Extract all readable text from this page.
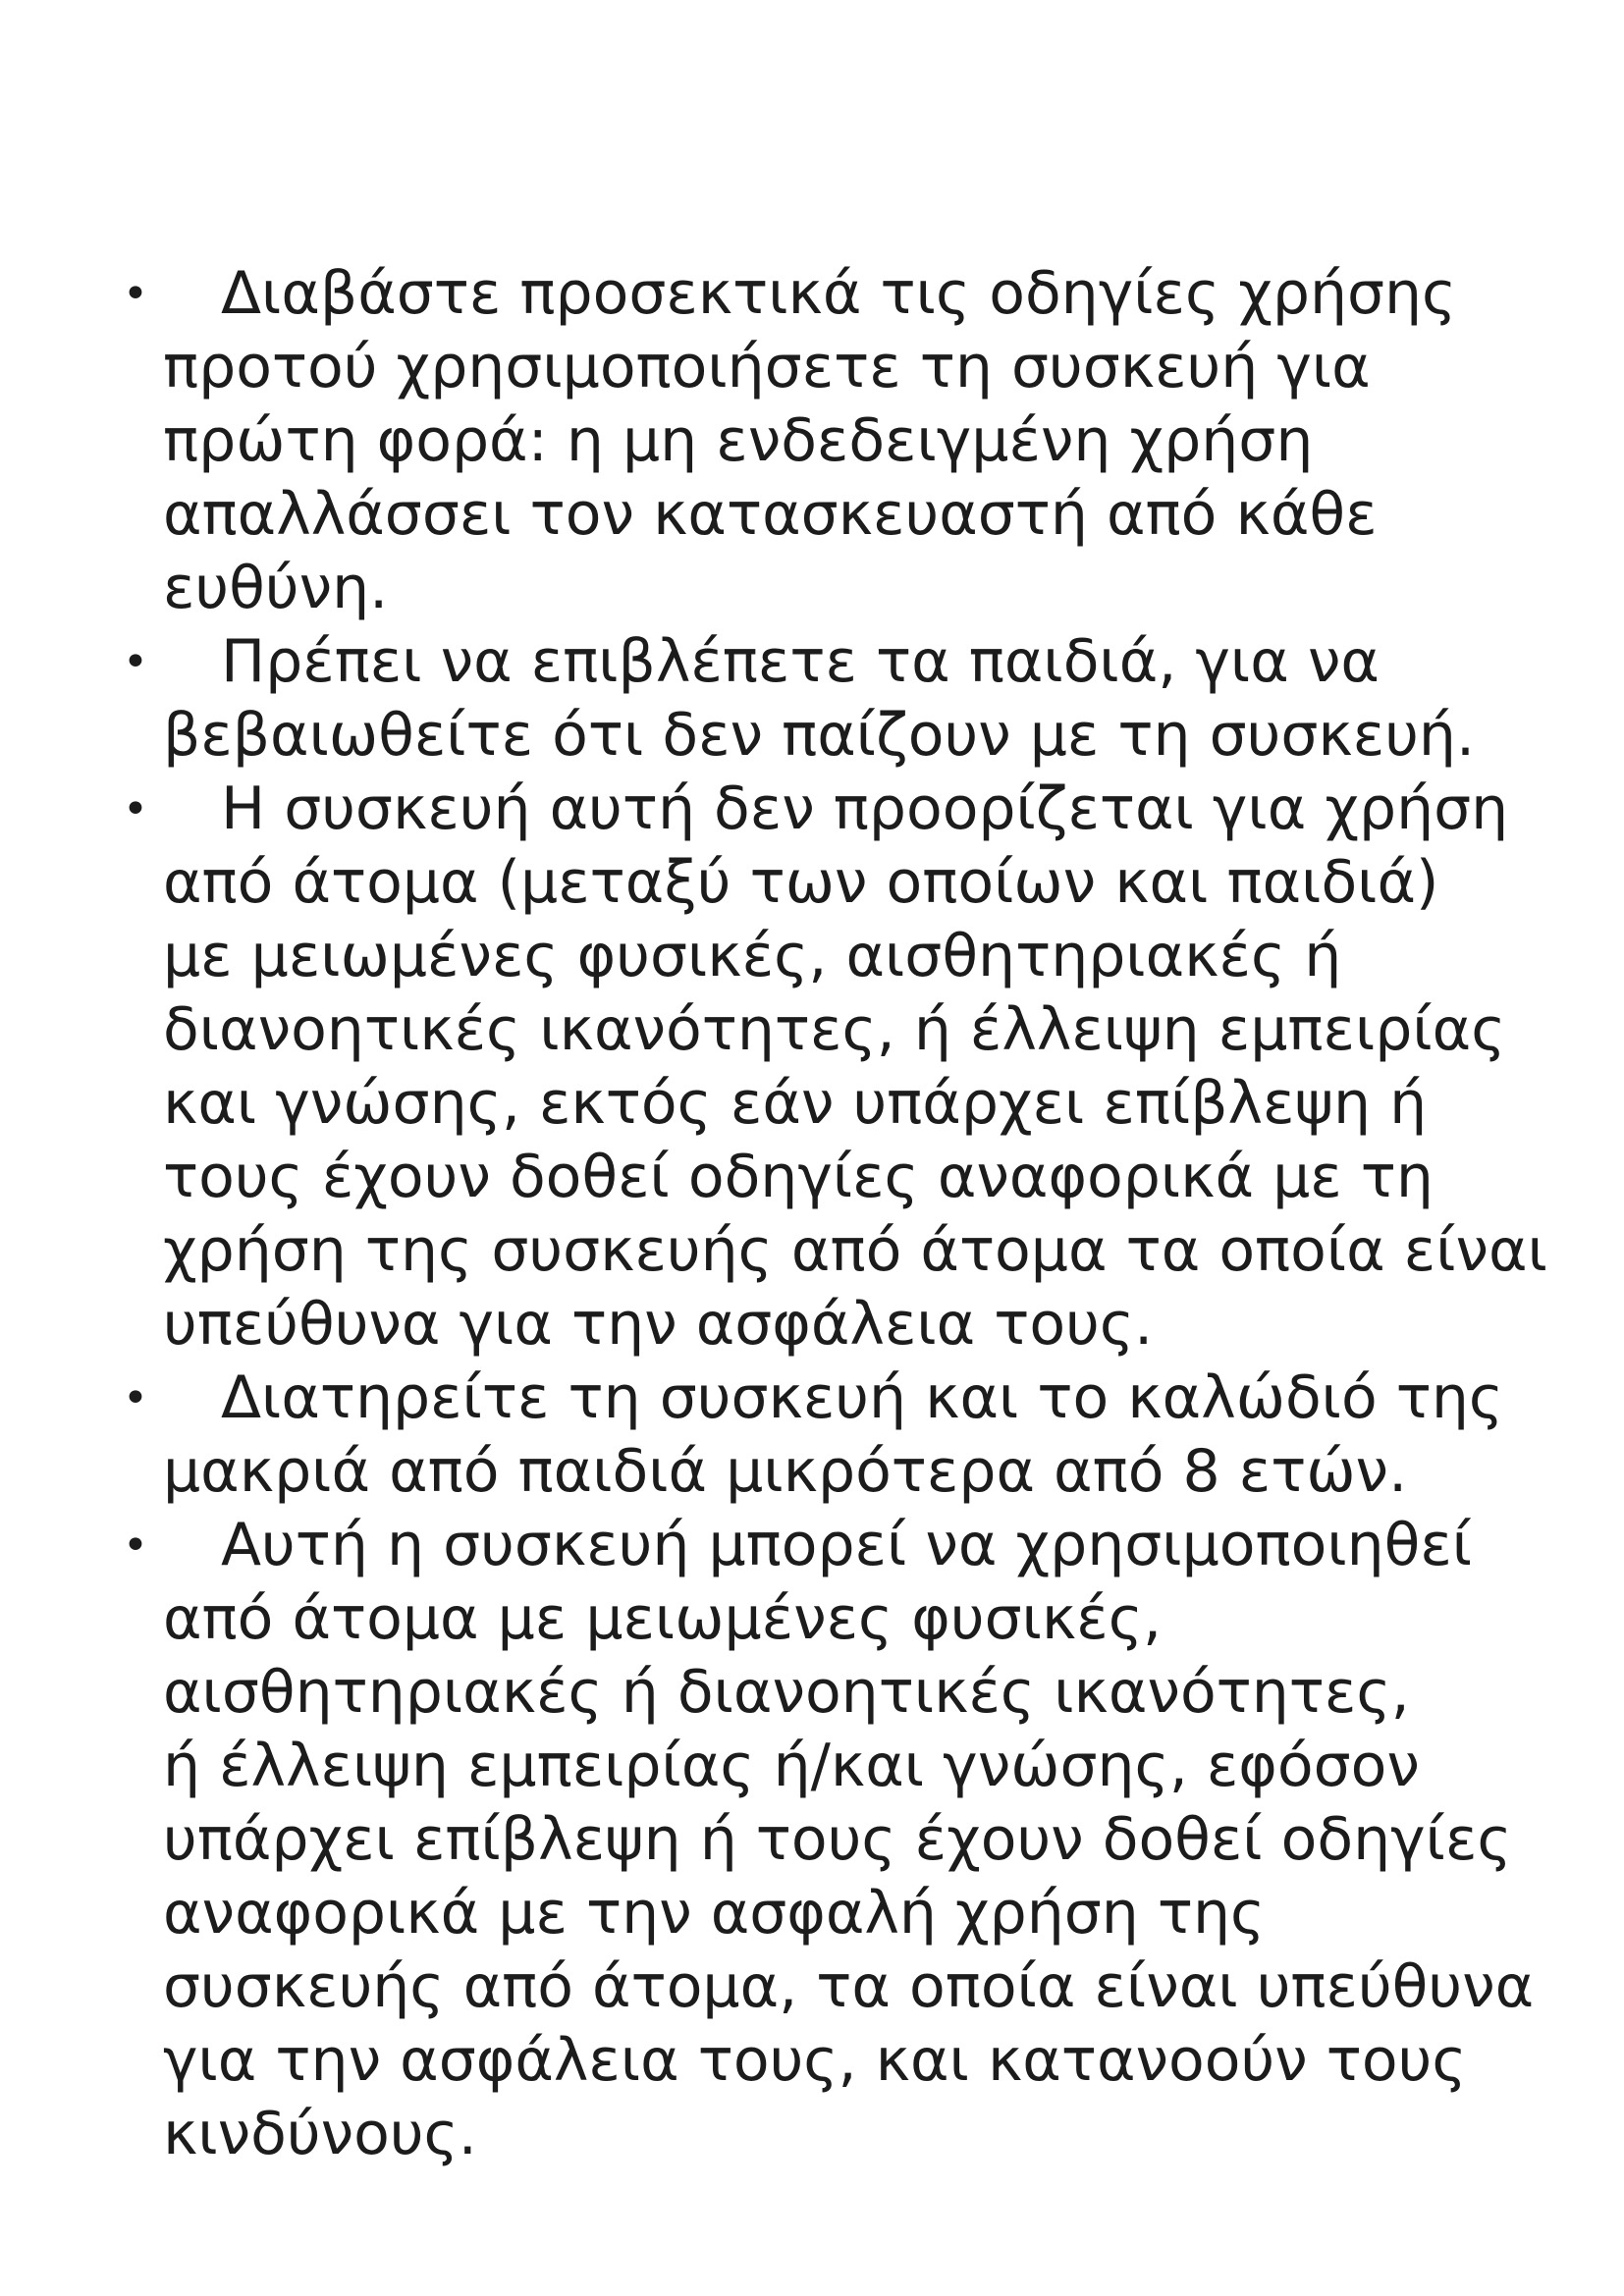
• Διαβάστε προσεκτικά τις οδηγίες χρήσης
προτού χρησιμοποιήσετε τη συσκευή για
πρώτη φορά: η μη ενδεδειγμένη χρήση
απαλλάσσει τον κατασκευαστή από κάθε
ευθύνη.
• Πρέπει να επιβλέπετε τα παιδιά, για να
βεβαιωθείτε ότι δεν παίζουν με τη συσκευή.
• Η συσκευή αυτή δεν προορίζεται για χρήση
από άτομα (μεταξύ των οποίων και παιδιά)
με μειωμένες φυσικές, αισθητηριακές ή
διανοητικές ικανότητες, ή έλλειψη εμπειρίας
και γνώσης, εκτός εάν υπάρχει επίβλεψη ή
τους έχουν δοθεί οδηγίες αναφορικά με τη
χρήση της συσκευής από άτομα τα οποία είναι
υπεύθυνα για την ασφάλεια τους.
• Διατηρείτε τη συσκευή και το καλώδιό της
μακριά από παιδιά μικρότερα από 8 ετών.
• Αυτή η συσκευή μπορεί να χρησιμοποιηθεί
από άτομα με μειωμένες φυσικές,
αισθητηριακές ή διανοητικές ικανότητες,
ή έλλειψη εμπειρίας ή/και γνώσης, εφόσον
υπάρχει επίβλεψη ή τους έχουν δοθεί οδηγίες
αναφορικά με την ασφαλή χρήση της
συσκευής από άτομα, τα οποία είναι υπεύθυνα
για την ασφάλεια τους, και κατανοούν τους
κινδύνους.
